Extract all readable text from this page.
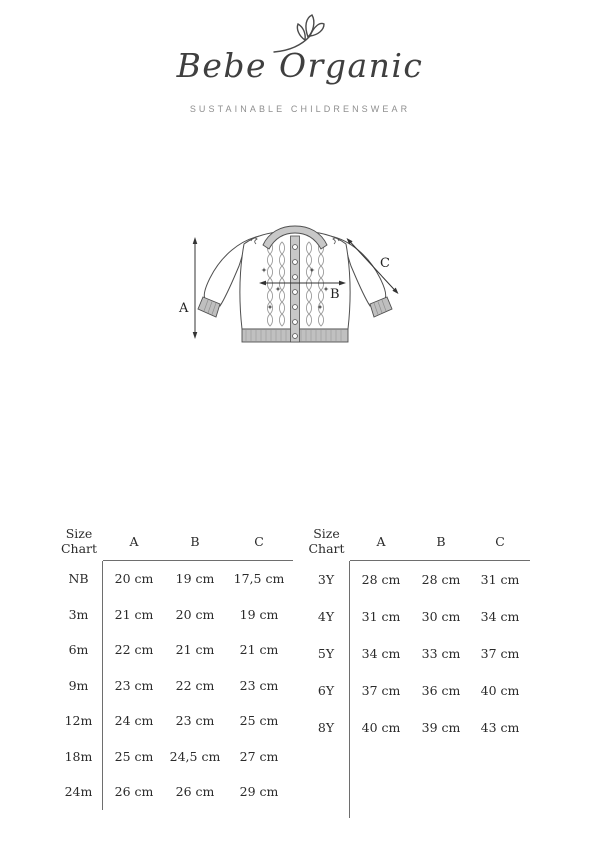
Bebe Organic
SUSTAINABLE CHILDRENSWEAR
A
B
C
Size Chart	A	B	C
NB	20 cm	19 cm	17,5 cm
3m	21 cm	20 cm	19 cm
6m	22 cm	21 cm	21 cm
9m	23 cm	22 cm	23 cm
12m	24 cm	23 cm	25 cm
18m	25 cm	24,5 cm	27 cm
24m	26 cm	26 cm	29 cm
Size Chart	A	B	C
3Y	28 cm	28 cm	31 cm
4Y	31 cm	30 cm	34 cm
5Y	34 cm	33 cm	37 cm
6Y	37 cm	36 cm	40 cm
8Y	40 cm	39 cm	43 cm
